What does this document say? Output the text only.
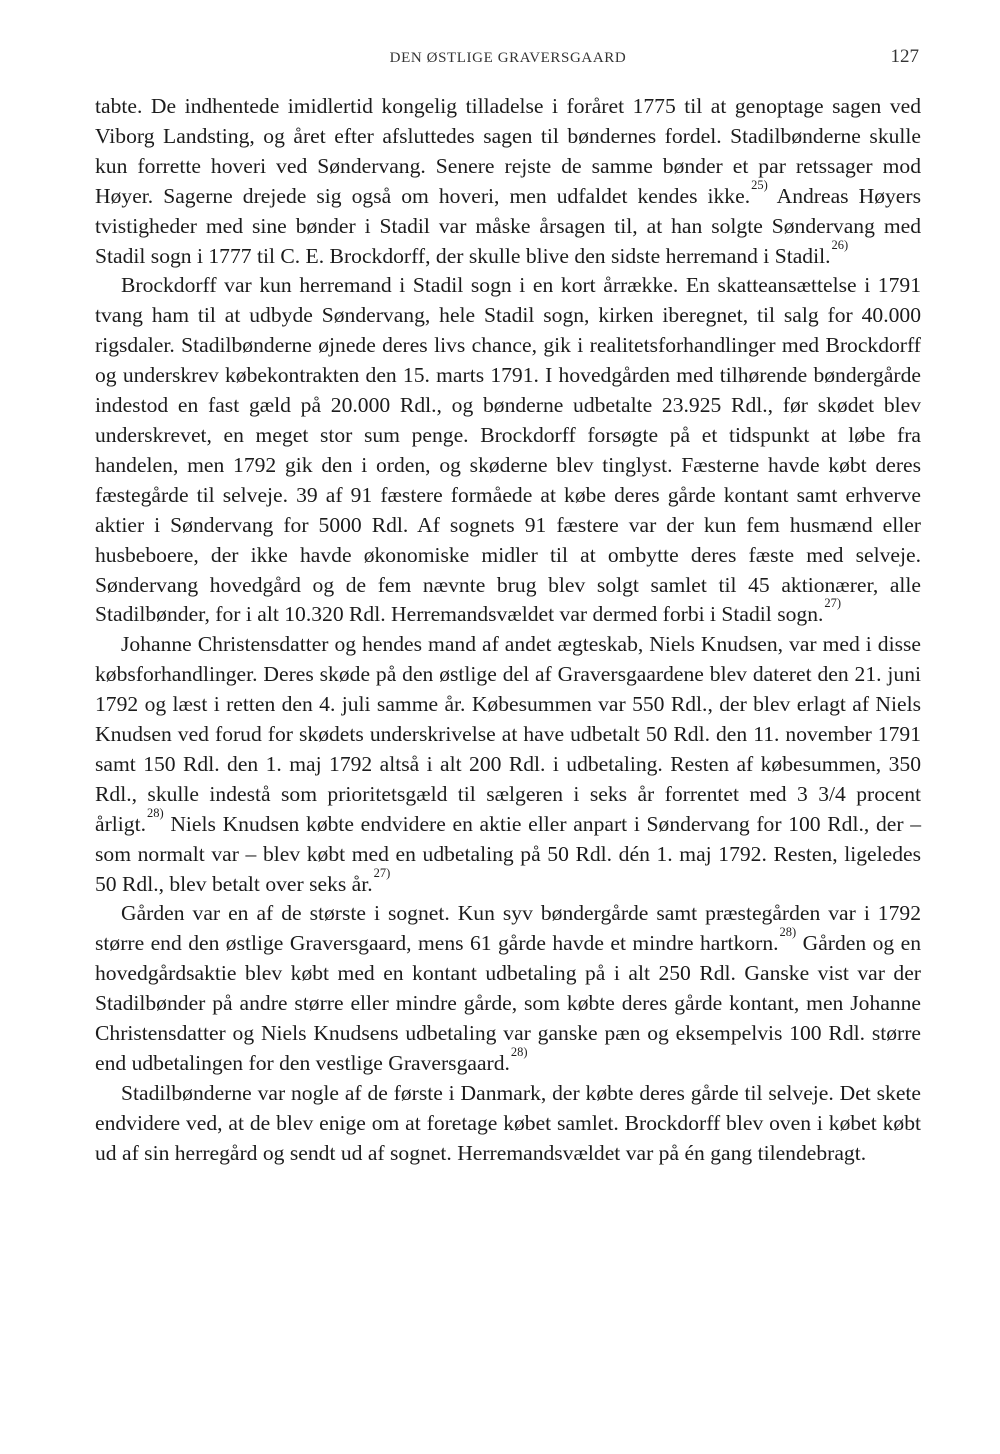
DEN ØSTLIGE GRAVERSGAARD	127

tabte. De indhentede imidlertid kongelig tilladelse i foråret 1775 til at genoptage sagen ved Viborg Landsting, og året efter afsluttedes sagen til bøndernes fordel. Stadilbønderne skulle kun forrette hoveri ved Søndervang. Senere rejste de samme bønder et par retssager mod Høyer. Sagerne drejede sig også om hoveri, men udfaldet kendes ikke.$^{25)}$ Andreas Høyers tvistigheder med sine bønder i Stadil var måske årsagen til, at han solgte Søndervang med Stadil sogn i 1777 til C. E. Brockdorff, der skulle blive den sidste herremand i Stadil.$^{26)}$

Brockdorff var kun herremand i Stadil sogn i en kort årrække. En skatteansættelse i 1791 tvang ham til at udbyde Søndervang, hele Stadil sogn, kirken iberegnet, til salg for 40.000 rigsdaler. Stadilbønderne øjnede deres livs chance, gik i realitetsforhandlinger med Brockdorff og underskrev købekontrakten den 15. marts 1791. I hovedgården med tilhørende bøndergårde indestod en fast gæld på 20.000 Rdl., og bønderne udbetalte 23.925 Rdl., før skødet blev underskrevet, en meget stor sum penge. Brockdorff forsøgte på et tidspunkt at løbe fra handelen, men 1792 gik den i orden, og skøderne blev tinglyst. Fæsterne havde købt deres fæstegårde til selveje. 39 af 91 fæstere formåede at købe deres gårde kontant samt erhverve aktier i Søndervang for 5000 Rdl. Af sognets 91 fæstere var der kun fem husmænd eller husbeboere, der ikke havde økonomiske midler til at ombytte deres fæste med selveje. Søndervang hovedgård og de fem nævnte brug blev solgt samlet til 45 aktionærer, alle Stadilbønder, for i alt 10.320 Rdl. Herremandsvældet var dermed forbi i Stadil sogn.$^{27)}$

Johanne Christensdatter og hendes mand af andet ægteskab, Niels Knudsen, var med i disse købsforhandlinger. Deres skøde på den østlige del af Graversgaardene blev dateret den 21. juni 1792 og læst i retten den 4. juli samme år. Købesummen var 550 Rdl., der blev erlagt af Niels Knudsen ved forud for skødets underskrivelse at have udbetalt 50 Rdl. den 11. november 1791 samt 150 Rdl. den 1. maj 1792 altså i alt 200 Rdl. i udbetaling. Resten af købesummen, 350 Rdl., skulle indestå som prioritetsgæld til sælgeren i seks år forrentet med 3 3/4 procent årligt.$^{28)}$ Niels Knudsen købte endvidere en aktie eller anpart i Søndervang for 100 Rdl., der – som normalt var – blev købt med en udbetaling på 50 Rdl. dén 1. maj 1792. Resten, ligeledes 50 Rdl., blev betalt over seks år.$^{27)}$

Gården var en af de største i sognet. Kun syv bøndergårde samt præstegården var i 1792 større end den østlige Graversgaard, mens 61 gårde havde et mindre hartkorn.$^{28)}$ Gården og en hovedgårdsaktie blev købt med en kontant udbetaling på i alt 250 Rdl. Ganske vist var der Stadilbønder på andre større eller mindre gårde, som købte deres gårde kontant, men Johanne Christensdatter og Niels Knudsens udbetaling var ganske pæn og eksempelvis 100 Rdl. større end udbetalingen for den vestlige Graversgaard.$^{28)}$

Stadilbønderne var nogle af de første i Danmark, der købte deres gårde til selveje. Det skete endvidere ved, at de blev enige om at foretage købet samlet. Brockdorff blev oven i købet købt ud af sin herregård og sendt ud af sognet. Herremandsvældet var på én gang tilendebragt.
